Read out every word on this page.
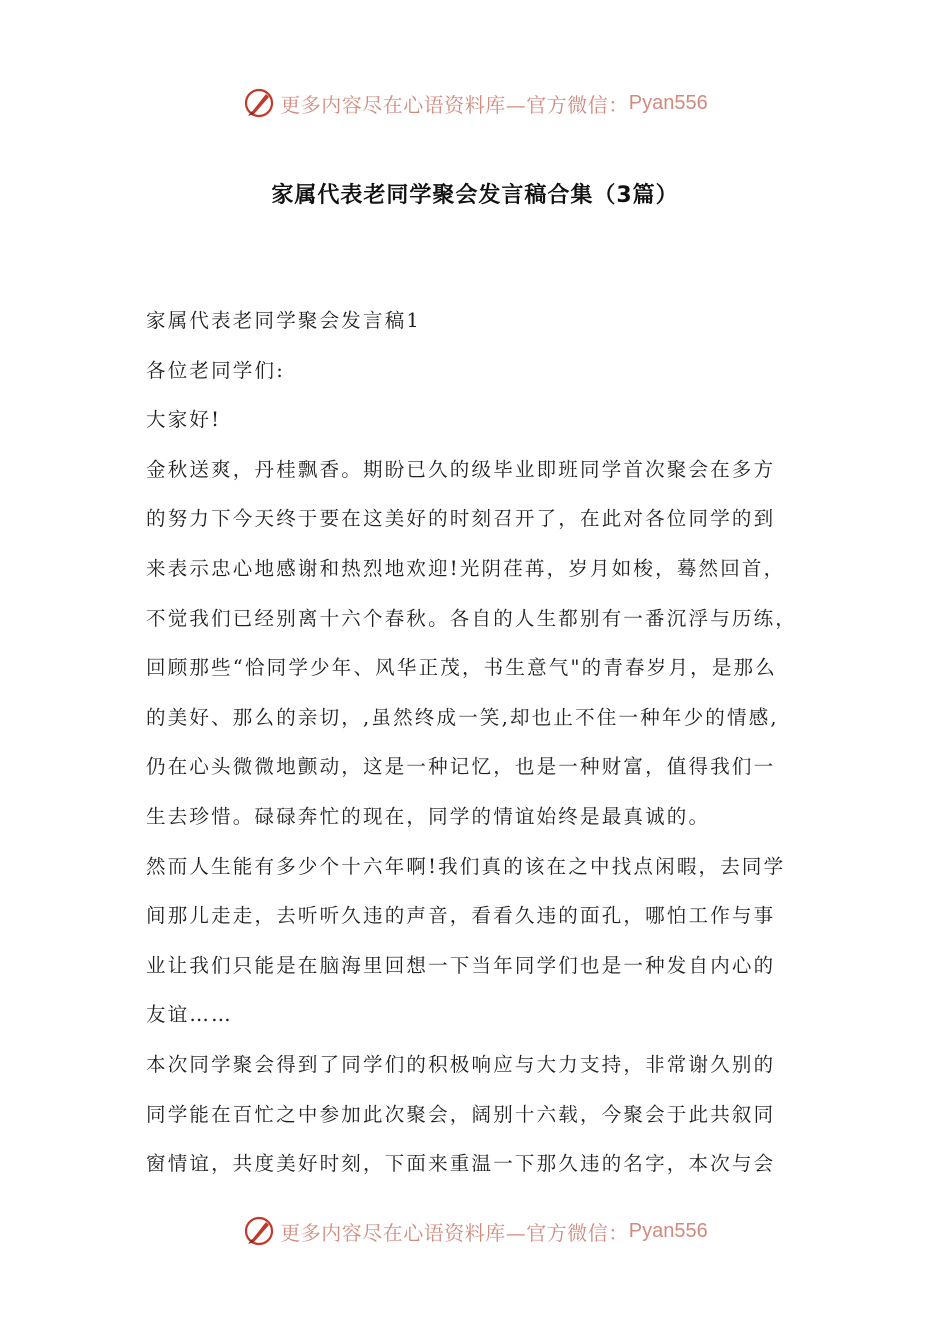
更多内容尽在心语资料库—官方微信： Pyan556
家属代表老同学聚会发言稿合集（3篇）
家属代表老同学聚会发言稿1
各位老同学们:
大家好!
金秋送爽，丹桂飘香。期盼已久的级毕业即班同学首次聚会在多方
的努力下今天终于要在这美好的时刻召开了，在此对各位同学的到
来表示忠心地感谢和热烈地欢迎!光阴荏苒，岁月如梭，蓦然回首，
不觉我们已经别离十六个春秋。各自的人生都别有一番沉浮与历练，
回顾那些“恰同学少年、风华正茂，书生意气"的青春岁月，是那么
的美好、那么的亲切，,虽然终成一笑,却也止不住一种年少的情感,
仍在心头微微地颤动，这是一种记忆，也是一种财富，值得我们一
生去珍惜。碌碌奔忙的现在，同学的情谊始终是最真诚的。
然而人生能有多少个十六年啊!我们真的该在之中找点闲暇，去同学
间那儿走走，去听听久违的声音，看看久违的面孔，哪怕工作与事
业让我们只能是在脑海里回想一下当年同学们也是一种发自内心的
友谊……
本次同学聚会得到了同学们的积极响应与大力支持，非常谢久别的
同学能在百忙之中参加此次聚会，阔别十六载，今聚会于此共叙同
窗情谊，共度美好时刻，下面来重温一下那久违的名字，本次与会
更多内容尽在心语资料库—官方微信： Pyan556
